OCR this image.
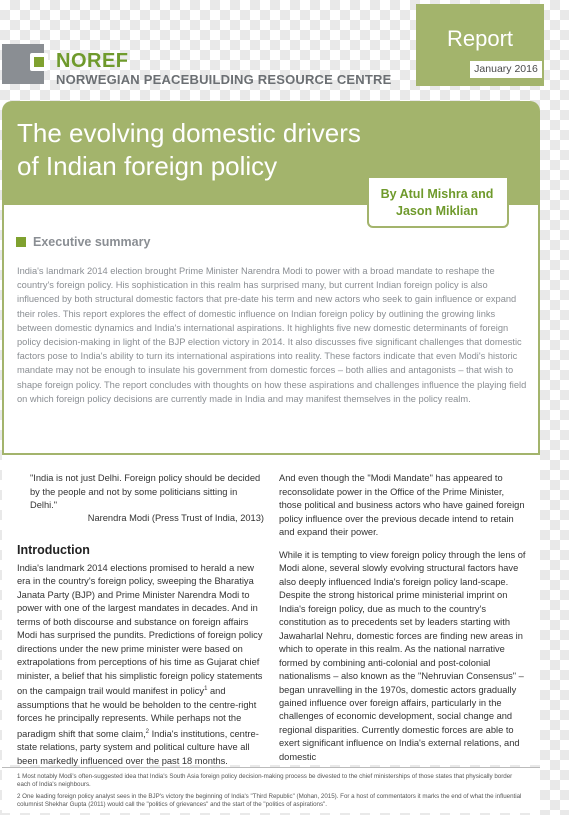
NOREF
NORWEGIAN PEACEBUILDING RESOURCE CENTRE
Report
January 2016
The evolving domestic drivers
of Indian foreign policy
By Atul Mishra and
Jason Miklian
Executive summary

India's landmark 2014 election brought Prime Minister Narendra Modi to power with a broad mandate to reshape the country's foreign policy. His sophistication in this realm has surprised many, but current Indian foreign policy is also influenced by both structural domestic factors that pre-date his term and new actors who seek to gain influence or expand their roles. This report explores the effect of domestic influence on Indian foreign policy by outlining the growing links between domestic dynamics and India's international aspirations. It highlights five new domestic determinants of foreign policy decision-making in light of the BJP election victory in 2014. It also discusses five significant challenges that domestic factors pose to India's ability to turn its international aspirations into reality. These factors indicate that even Modi's historic mandate may not be enough to insulate his government from domestic forces – both allies and antagonists – that wish to shape foreign policy. The report concludes with thoughts on how these aspirations and challenges influence the playing field on which foreign policy decisions are currently made in India and may manifest themselves in the policy realm.

"India is not just Delhi. Foreign policy should be decided by the people and not by some politicians sitting in Delhi."

Narendra Modi (Press Trust of India, 2013)

Introduction

India's landmark 2014 elections promised to herald a new era in the country's foreign policy, sweeping the Bharatiya Janata Party (BJP) and Prime Minister Narendra Modi to power with one of the largest mandates in decades. And in terms of both discourse and substance on foreign affairs Modi has surprised the pundits. Predictions of foreign policy directions under the new prime minister were based on extrapolations from perceptions of his time as Gujarat chief minister, a belief that his simplistic foreign policy statements on the campaign trail would manifest in policy$^1$ and assumptions that he would be beholden to the centre-right forces he principally represents. While perhaps not the paradigm shift that some claim,$^2$ India's institutions, centre-state relations, party system and political culture have all been markedly influenced over the past 18 months.

And even though the "Modi Mandate" has appeared to reconsolidate power in the Office of the Prime Minister, those political and business actors who have gained foreign policy influence over the previous decade intend to retain and expand their power.

While it is tempting to view foreign policy through the lens of Modi alone, several slowly evolving structural factors have also deeply influenced India's foreign policy land-scape. Despite the strong historical prime ministerial imprint on India's foreign policy, due as much to the country's constitution as to precedents set by leaders starting with Jawaharlal Nehru, domestic forces are finding new areas in which to operate in this realm. As the national narrative formed by combining anti-colonial and post-colonial nationalisms – also known as the "Nehruvian Consensus" – began unravelling in the 1970s, domestic actors gradually gained influence over foreign affairs, particularly in the challenges of economic development, social change and regional disparities. Currently domestic forces are able to exert significant influence on India's external relations, and domestic

1 Most notably Modi's often-suggested idea that India's South Asia foreign policy decision-making process be divested to the chief ministerships of those states that physically border each of India's neighbours.

2 One leading foreign policy analyst sees in the BJP's victory the beginning of India's "Third Republic" (Mohan, 2015). For a host of commentators it marks the end of what the influential columnist Shekhar Gupta (2011) would call the "politics of grievances" and the start of the "politics of aspirations".
